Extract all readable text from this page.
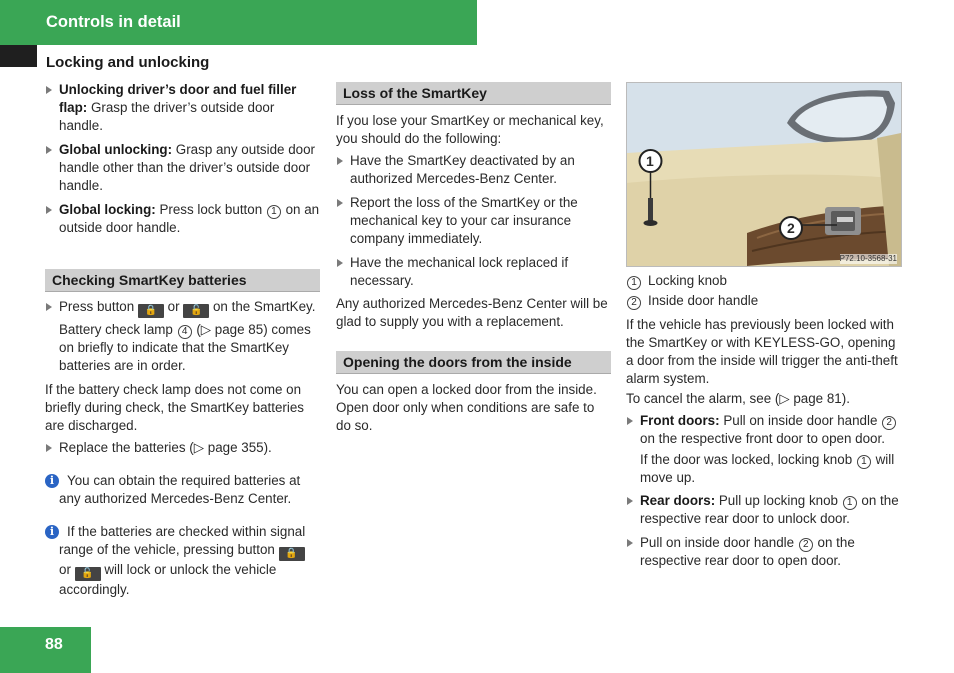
Controls in detail
Locking and unlocking

Unlocking driver’s door and fuel filler flap: Grasp the driver’s outside door handle.

Global unlocking: Grasp any outside door handle other than the driver’s outside door handle.

Global locking: Press lock button 1 on an outside door handle.

Checking SmartKey batteries

Press button 🔒 or 🔓 on the SmartKey.

Battery check lamp 4 (▷ page 85) comes on briefly to indicate that the SmartKey batteries are in order.

If the battery check lamp does not come on briefly during check, the SmartKey batteries are discharged.

Replace the batteries (▷ page 355).

i You can obtain the required batteries at any authorized Mercedes-Benz Center.

i If the batteries are checked within signal range of the vehicle, pressing button 🔒 or 🔓 will lock or unlock the vehicle accordingly.

Loss of the SmartKey

If you lose your SmartKey or mechanical key, you should do the following:

Have the SmartKey deactivated by an authorized Mercedes-Benz Center.

Report the loss of the SmartKey or the mechanical key to your car insurance company immediately.

Have the mechanical lock replaced if necessary.

Any authorized Mercedes-Benz Center will be glad to supply you with a replacement.

Opening the doors from the inside

You can open a locked door from the inside. Open door only when conditions are safe to do so.

1
2
P72.10-3568-31

1 Locking knob

2 Inside door handle

If the vehicle has previously been locked with the SmartKey or with KEYLESS-GO, opening a door from the inside will trigger the anti-theft alarm system.

To cancel the alarm, see (▷ page 81).

Front doors: Pull on inside door handle 2 on the respective front door to open door.

If the door was locked, locking knob 1 will move up.

Rear doors: Pull up locking knob 1 on the respective rear door to unlock door.

Pull on inside door handle 2 on the respective rear door to open door.

88
